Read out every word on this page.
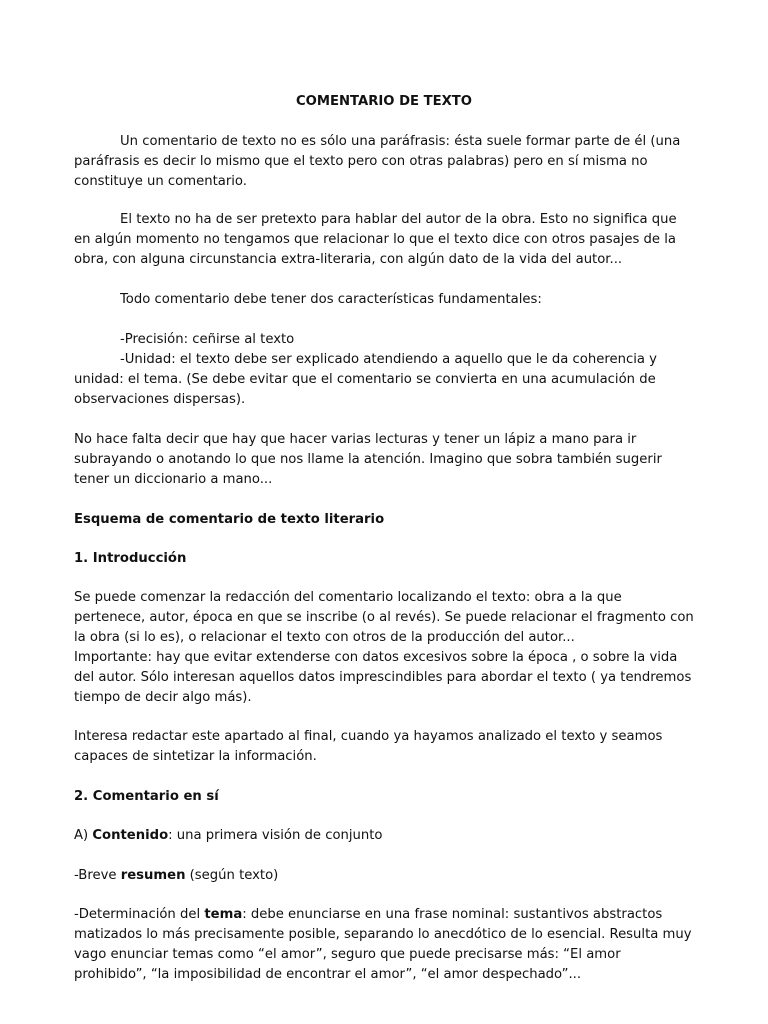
COMENTARIO DE TEXTO

Un comentario de texto no es sólo una paráfrasis: ésta suele formar parte de él (una paráfrasis es decir lo mismo que el texto pero con otras palabras) pero en sí misma no constituye un comentario.

El texto no ha de ser pretexto para hablar del autor de la obra. Esto no significa que en algún momento no tengamos que relacionar lo que el texto dice con otros pasajes de la obra, con alguna circunstancia extra-literaria, con algún dato de la vida del autor...

Todo comentario debe tener dos características fundamentales:

-Precisión: ceñirse al texto

-Unidad: el texto debe ser explicado atendiendo a aquello que le da coherencia y unidad: el tema. (Se debe evitar que el comentario se convierta en una acumulación de observaciones dispersas).

No hace falta decir que hay que hacer varias lecturas y tener un lápiz a mano para ir subrayando o anotando lo que nos llame la atención. Imagino que sobra también sugerir tener un diccionario a mano...

Esquema de comentario de texto literario

1. Introducción

Se puede comenzar la redacción del comentario localizando el texto: obra a la que pertenece, autor, época en que se inscribe (o al revés). Se puede relacionar el fragmento con la obra (si lo es), o relacionar el texto con otros de la producción del autor...

Importante: hay que evitar extenderse con datos excesivos sobre la época , o sobre la vida del autor. Sólo interesan aquellos datos imprescindibles para abordar el texto ( ya tendremos tiempo de decir algo más).

Interesa redactar este apartado al final, cuando ya hayamos analizado el texto y seamos capaces de sintetizar la información.

2. Comentario en sí

A) Contenido: una primera visión de conjunto

-Breve resumen (según texto)

-Determinación del tema: debe enunciarse en una frase nominal: sustantivos abstractos matizados lo más precisamente posible, separando lo anecdótico de lo esencial. Resulta muy vago enunciar temas como “el amor”, seguro que puede precisarse más: “El amor prohibido”, “la imposibilidad de encontrar el amor”, “el amor despechado”...
